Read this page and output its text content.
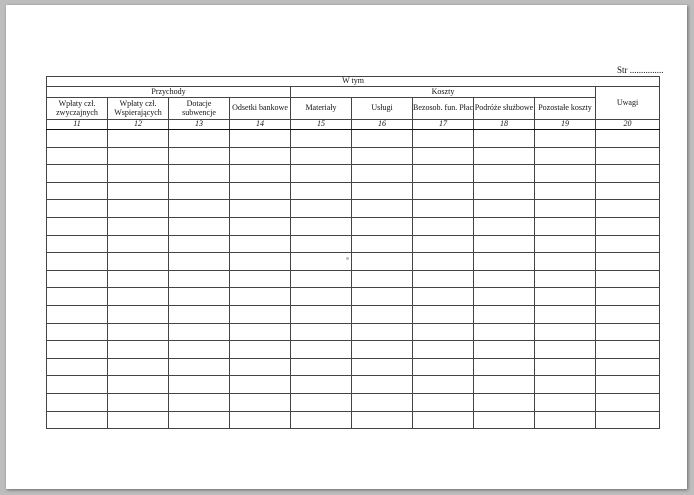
Str ...............
W tym									
Przychody				Koszty					Uwagi
Wpłaty czł. zwyczajnych	Wpłaty czł. Wspierających	Dotacje subwencje	Odsetki bankowe	Materiały	Usługi	Bezosob. fun. Płac	Podróże służbowe	Pozostałe koszty	
11	12	13	14	15	16	17	18	19	20
